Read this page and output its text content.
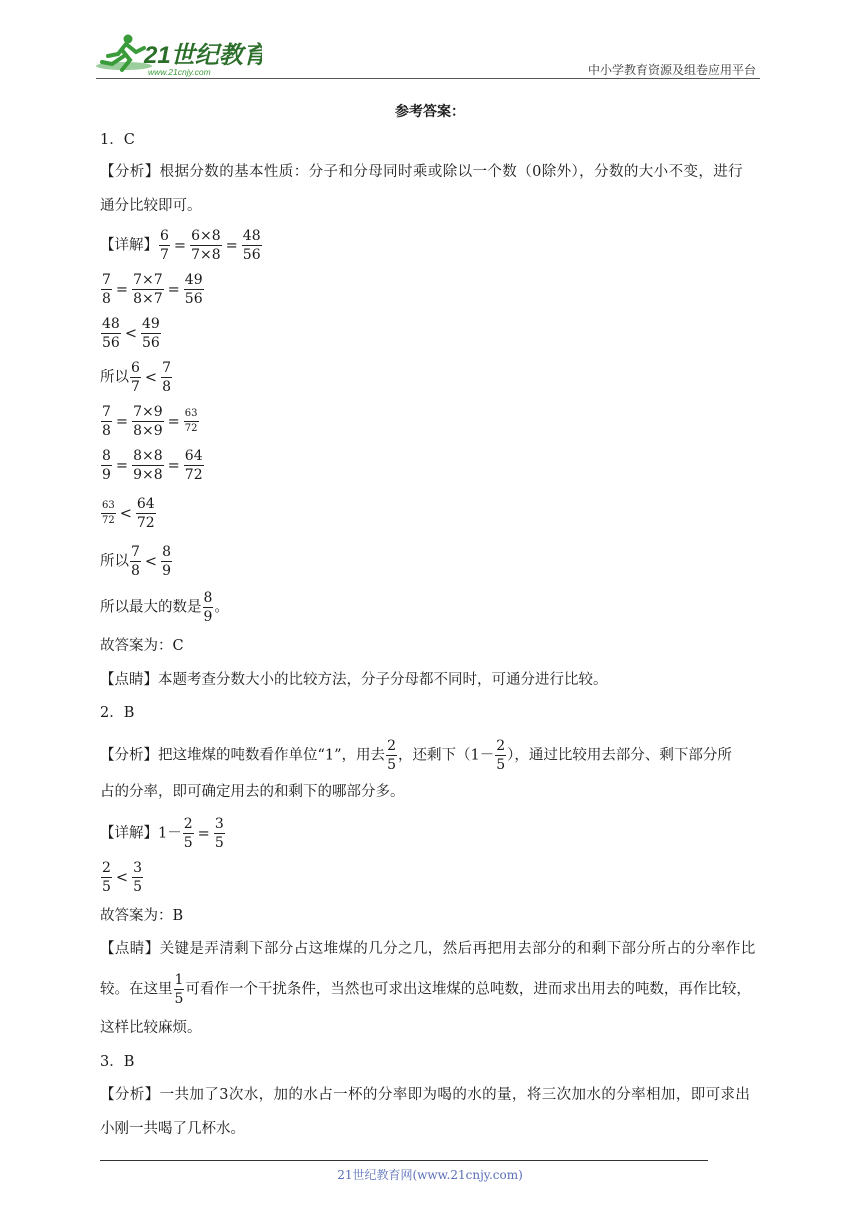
21世纪教育
www.21cnjy.com	中小学教育资源及组卷应用平台
参考答案：
1．C
【分析】根据分数的基本性质：分子和分母同时乘或除以一个数（0除外），分数的大小不变，进行
通分比较即可。
【详解】 $\frac{6}{7} = \frac{6\times 8}{7\times 8} = \frac{48}{56}$
$\frac{7}{8} = \frac{7\times 7}{8\times 7} = \frac{49}{56}$
$\frac{48}{56} < \frac{49}{56}$
所以 $\frac{6}{7} < \frac{7}{8}$
$\frac{7}{8} = \frac{7\times 9}{8\times 9} = \frac{63}{72}$
$\frac{8}{9} = \frac{8\times 8}{9\times 8} = \frac{64}{72}$
$\frac{63}{72} < \frac{64}{72}$
所以 $\frac{7}{8} < \frac{8}{9}$
所以最大的数是 $\frac{8}{9}$ 。
故答案为：C
【点睛】本题考查分数大小的比较方法，分子分母都不同时，可通分进行比较。
2．B
【分析】把这堆煤的吨数看作单位“1”，用去 $\frac{2}{5}$ ，还剩下（$1- \frac{2}{5}$ ），通过比较用去部分、剩下部分所
占的分率，即可确定用去的和剩下的哪部分多。
【详解】$1- \frac{2}{5} = \frac{3}{5}$
$\frac{2}{5} < \frac{3}{5}$
故答案为：B
【点睛】关键是弄清剩下部分占这堆煤的几分之几，然后再把用去部分的和剩下部分所占的分率作比
较。在这里 $\frac{1}{5}$ 可看作一个干扰条件，当然也可求出这堆煤的总吨数，进而求出用去的吨数，再作比较，
这样比较麻烦。
3．B
【分析】一共加了3次水，加的水占一杯的分率即为喝的水的量，将三次加水的分率相加，即可求出
小刚一共喝了几杯水。
21世纪教育网(www.21cnjy.com)
